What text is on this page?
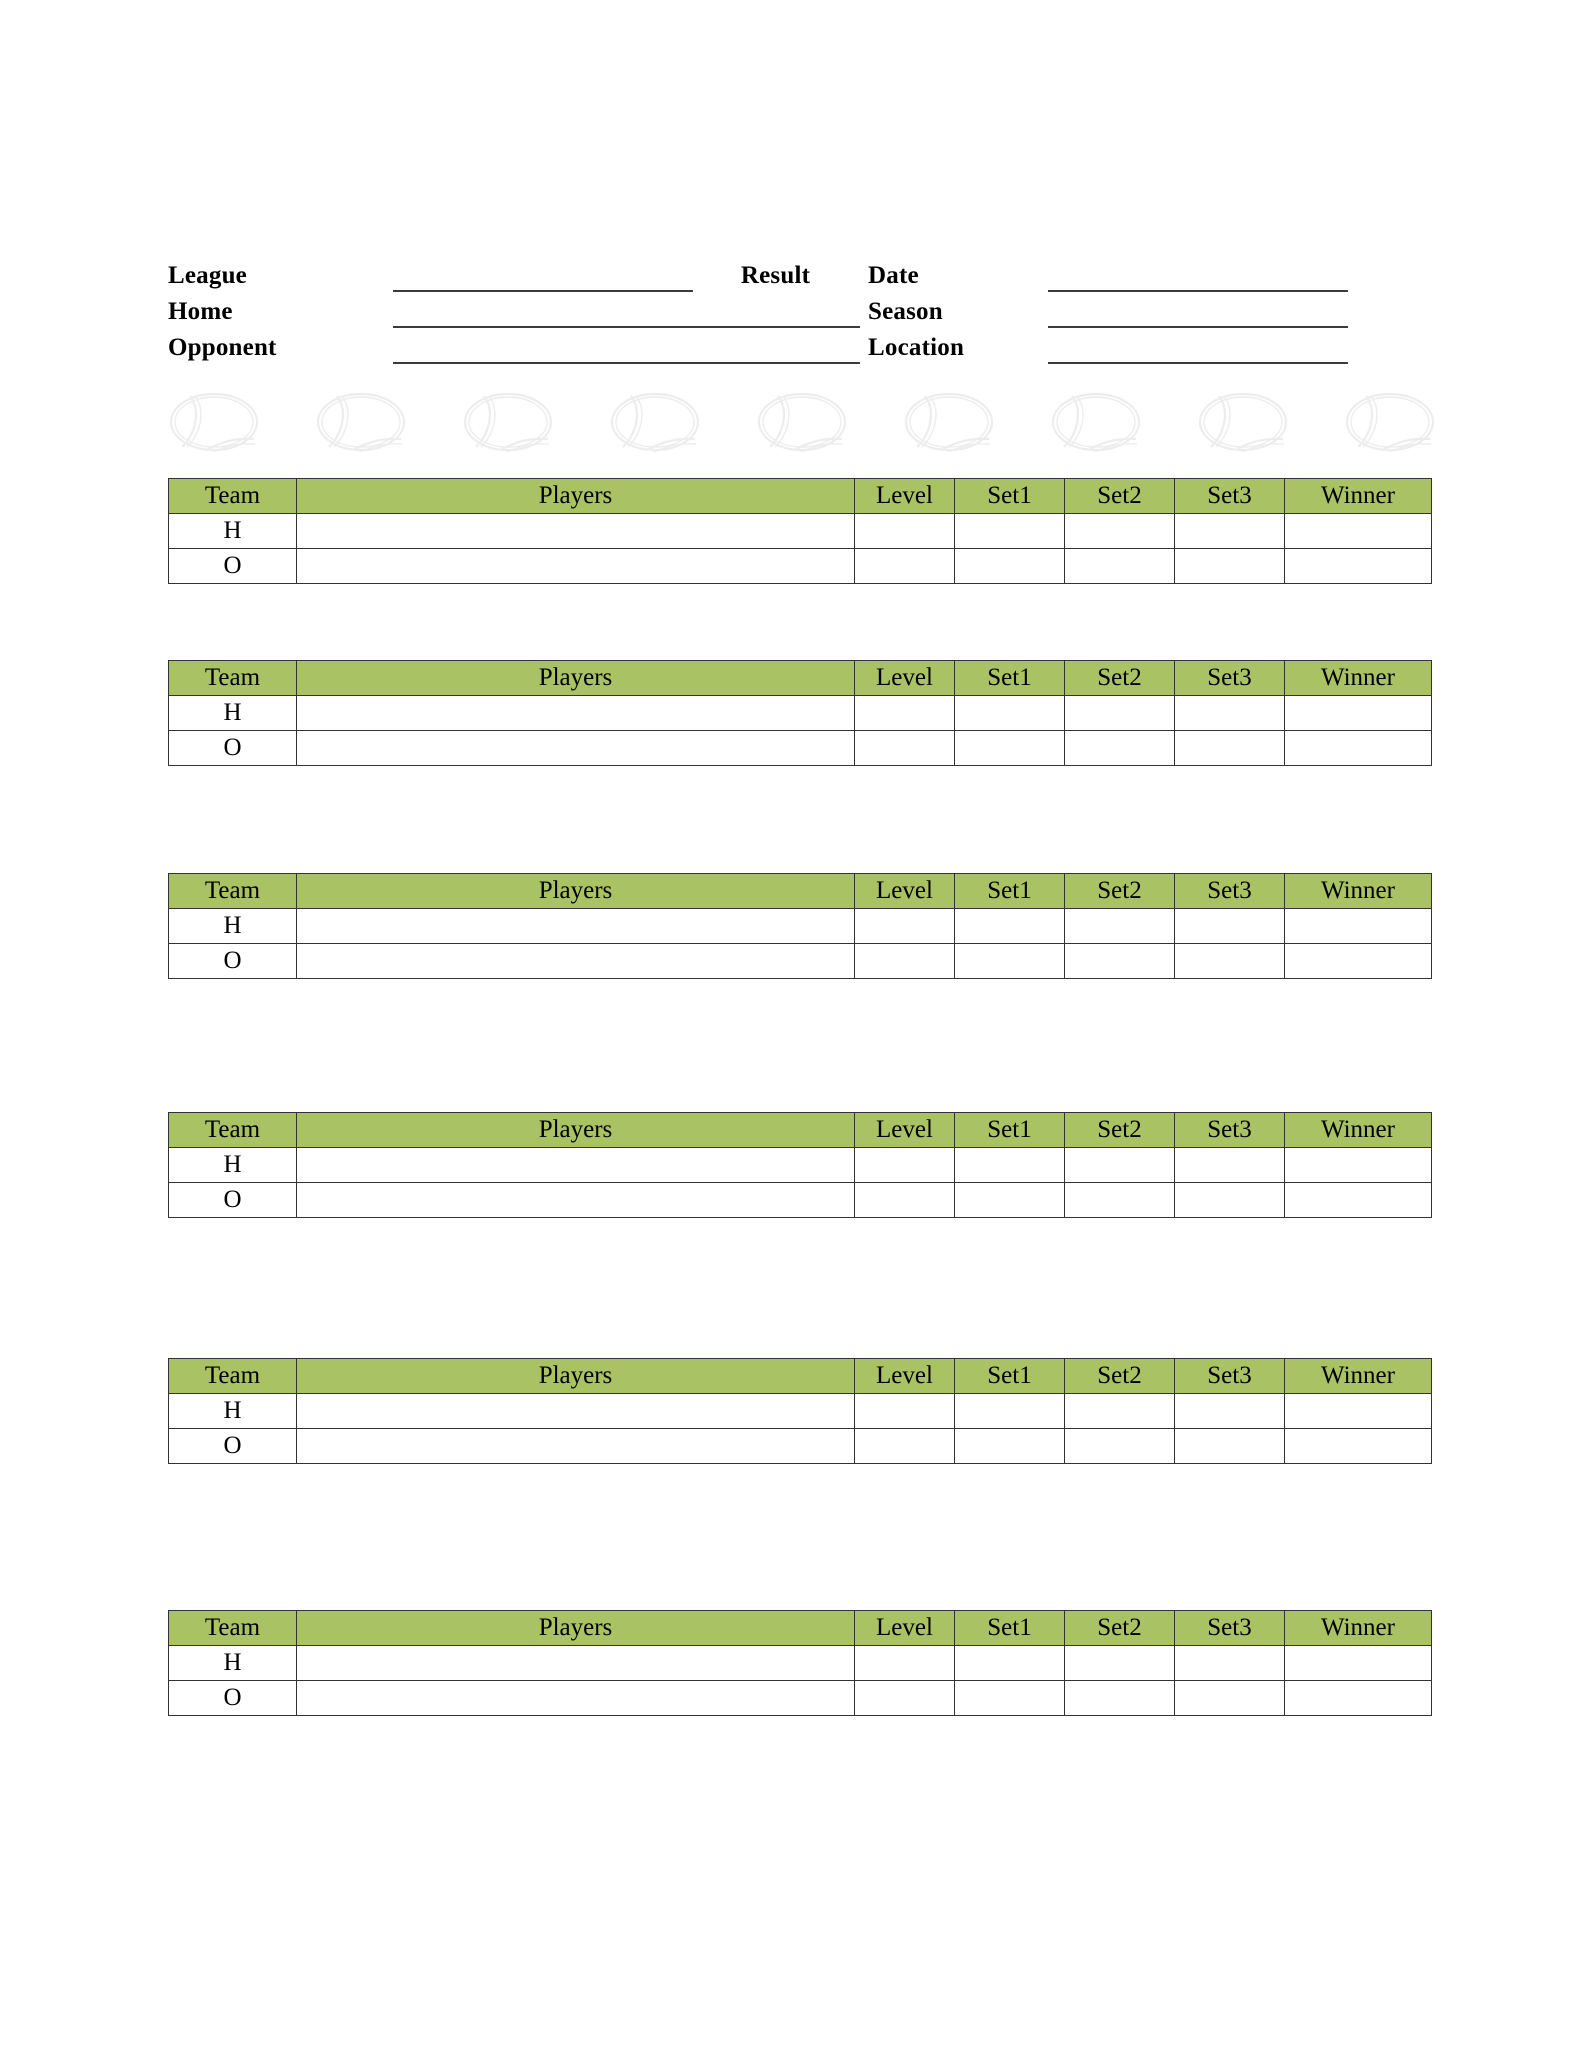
League
Home
Opponent
Date
Season
Location
Result
Team	Players	Level	Set1	Set2	Set3	Winner
H						
O						
Team	Players	Level	Set1	Set2	Set3	Winner
H						
O						
Team	Players	Level	Set1	Set2	Set3	Winner
H						
O						
Team	Players	Level	Set1	Set2	Set3	Winner
H						
O						
Team	Players	Level	Set1	Set2	Set3	Winner
H						
O						
Team	Players	Level	Set1	Set2	Set3	Winner
H						
O						
